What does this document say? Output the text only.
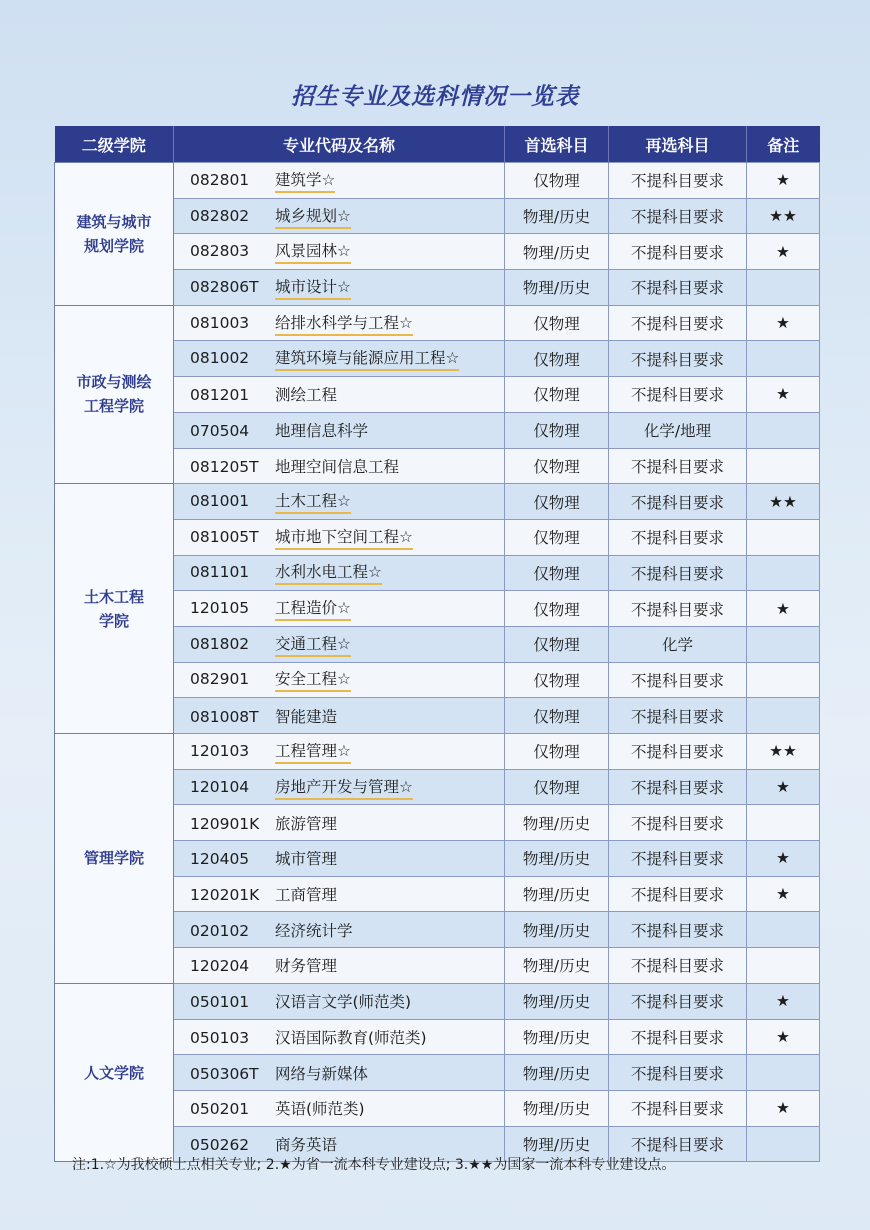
招生专业及选科情况一览表
二级学院	专业代码及名称	首选科目	再选科目	备注

建筑与城市
规划学院	082801 建筑学☆	仅物理	不提科目要求	★
	082802 城乡规划☆	物理/历史	不提科目要求	★★
	082803 风景园林☆	物理/历史	不提科目要求	★
	082806T 城市设计☆	物理/历史	不提科目要求	

市政与测绘
工程学院	081003 给排水科学与工程☆	仅物理	不提科目要求	★
	081002 建筑环境与能源应用工程☆	仅物理	不提科目要求	
	081201 测绘工程	仅物理	不提科目要求	★
	070504 地理信息科学	仅物理	化学/地理	
	081205T 地理空间信息工程	仅物理	不提科目要求	

土木工程
学院	081001 土木工程☆	仅物理	不提科目要求	★★
	081005T 城市地下空间工程☆	仅物理	不提科目要求	
	081101 水利水电工程☆	仅物理	不提科目要求	
	120105 工程造价☆	仅物理	不提科目要求	★
	081802 交通工程☆	仅物理	化学	
	082901 安全工程☆	仅物理	不提科目要求	
	081008T 智能建造	仅物理	不提科目要求	

管理学院	120103 工程管理☆	仅物理	不提科目要求	★★
	120104 房地产开发与管理☆	仅物理	不提科目要求	★
	120901K 旅游管理	物理/历史	不提科目要求	
	120405 城市管理	物理/历史	不提科目要求	★
	120201K 工商管理	物理/历史	不提科目要求	★
	020102 经济统计学	物理/历史	不提科目要求	
	120204 财务管理	物理/历史	不提科目要求	

人文学院	050101 汉语言文学(师范类)	物理/历史	不提科目要求	★
	050103 汉语国际教育(师范类)	物理/历史	不提科目要求	★
	050306T 网络与新媒体	物理/历史	不提科目要求	
	050201 英语(师范类)	物理/历史	不提科目要求	★
	050262 商务英语	物理/历史	不提科目要求	
注:1.☆为我校硕士点相关专业; 2.★为省一流本科专业建设点; 3.★★为国家一流本科专业建设点。
